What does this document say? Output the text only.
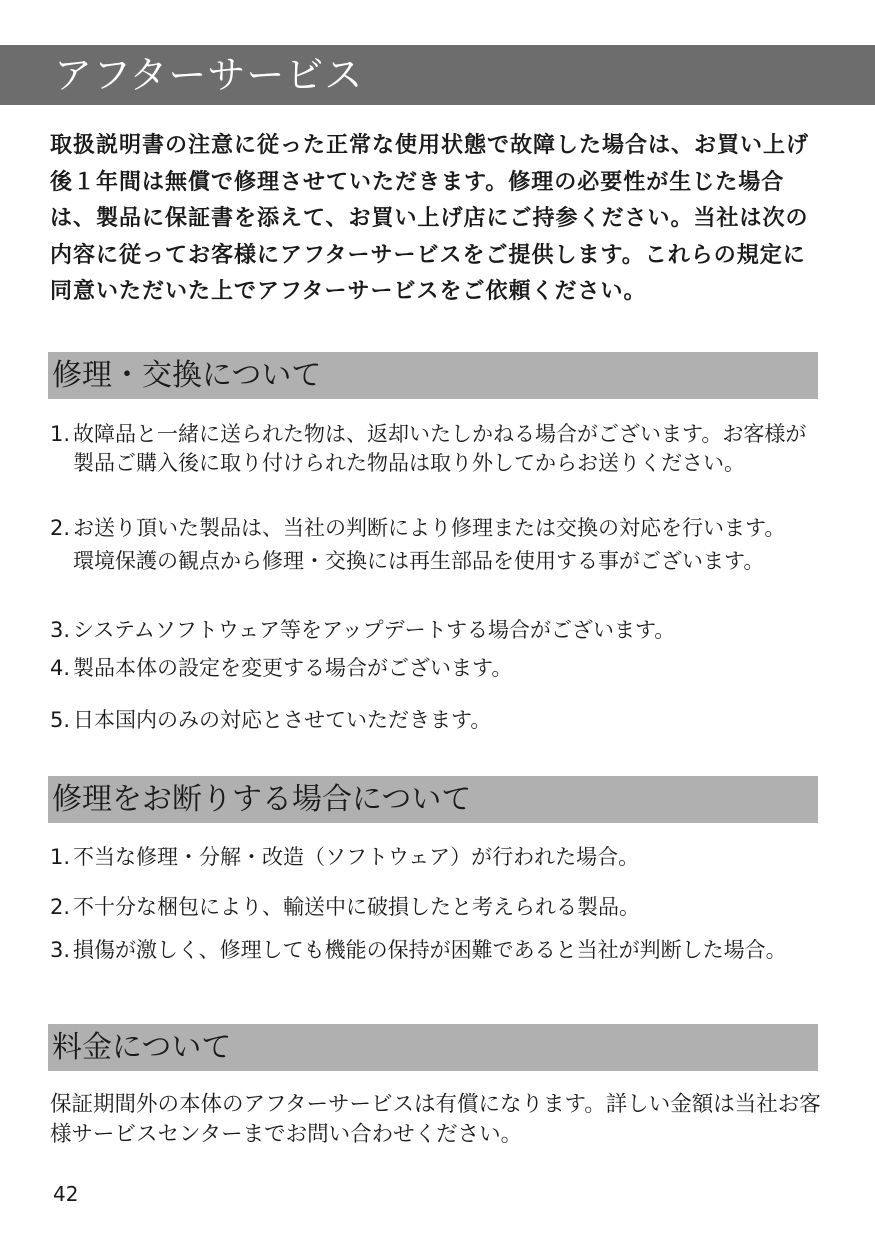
アフターサービス

取扱説明書の注意に従った正常な使用状態で故障した場合は、お買い上げ後１年間は無償で修理させていただきます。修理の必要性が生じた場合は、製品に保証書を添えて、お買い上げ店にご持参ください。当社は次の内容に従ってお客様にアフターサービスをご提供します。これらの規定に同意いただいた上でアフターサービスをご依頼ください。

修理・交換について
1. 故障品と一緒に送られた物は、返却いたしかねる場合がございます。お客様が製品ご購入後に取り付けられた物品は取り外してからお送りください。
2. お送り頂いた製品は、当社の判断により修理または交換の対応を行います。
環境保護の観点から修理・交換には再生部品を使用する事がございます。
3. システムソフトウェア等をアップデートする場合がございます。
4. 製品本体の設定を変更する場合がございます。
5. 日本国内のみの対応とさせていただきます。
修理をお断りする場合について
1. 不当な修理・分解・改造（ソフトウェア）が行われた場合。
2. 不十分な梱包により、輸送中に破損したと考えられる製品。
3. 損傷が激しく、修理しても機能の保持が困難であると当社が判断した場合。
料金について

保証期間外の本体のアフターサービスは有償になります。詳しい金額は当社お客様サービスセンターまでお問い合わせください。

42
